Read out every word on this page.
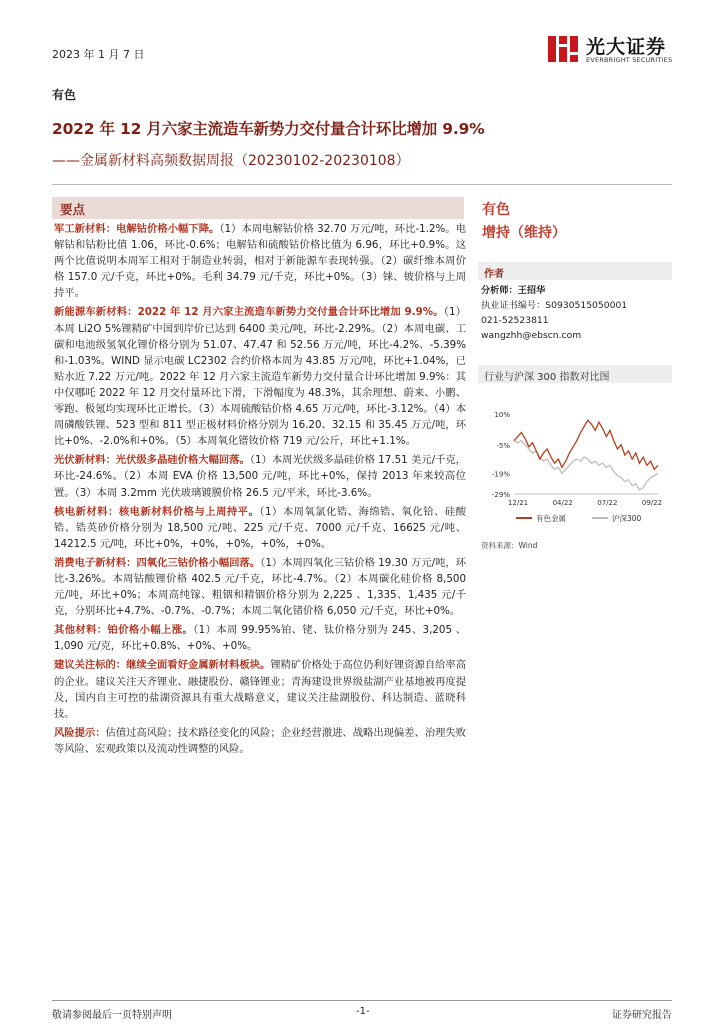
2023 年 1 月 7 日	光大证券
EVERBRIGHT SECURITIES
有色
2022 年 12 月六家主流造车新势力交付量合计环比增加 9.9%
——金属新材料高频数据周报（20230102-20230108）
要点

军工新材料：电解钴价格小幅下降。（1）本周电解钴价格 32.70 万元/吨，环比-1.2%。电解钴和钴粉比值 1.06，环比-0.6%；电解钴和硫酸钴价格比值为 6.96，环比+0.9%。这两个比值说明本周军工相对于制造业转弱，相对于新能源车表现转强。（2）碳纤维本周价格 157.0 元/千克，环比+0%。毛利 34.79 元/千克，环比+0%。（3）铼、铍价格与上周持平。

新能源车新材料：2022 年 12 月六家主流造车新势力交付量合计环比增加 9.9%。（1）本周 Li2O 5%锂精矿中国到岸价已达到 6400 美元/吨，环比-2.29%。（2）本周电碳、工碳和电池级氢氧化锂价格分别为 51.07、47.47 和 52.56 万元/吨，环比-4.2%、-5.39%和-1.03%。WIND 显示电碳 LC2302 合约价格本周为 43.85 万元/吨，环比+1.04%，已贴水近 7.22 万元/吨。2022 年 12 月六家主流造车新势力交付量合计环比增加 9.9%：其中仅哪吒 2022 年 12 月交付量环比下滑，下滑幅度为 48.3%，其余理想、蔚来、小鹏、零跑、极氪均实现环比正增长。（3）本周硫酸钴价格 4.65 万元/吨，环比-3.12%。（4）本周磷酸铁锂、523 型和 811 型正极材料价格分别为 16.20、32.15 和 35.45 万元/吨，环比+0%、-2.0%和+0%。（5）本周氧化镨钕价格 719 元/公斤，环比+1.1%。

光伏新材料：光伏级多晶硅价格大幅回落。（1）本周光伏级多晶硅价格 17.51 美元/千克，环比-24.6%。（2）本周 EVA 价格 13,500 元/吨，环比+0%，保持 2013 年来较高位置。（3）本周 3.2mm 光伏玻璃镀膜价格 26.5 元/平米，环比-3.6%。

核电新材料：核电新材料价格与上周持平。（1）本周氧氯化锆、海绵锆、氧化铪、硅酸锆、锆英砂价格分别为 18,500 元/吨、225 元/千克、7000 元/千克、16625 元/吨、14212.5 元/吨，环比+0%，+0%，+0%，+0%，+0%。

消费电子新材料：四氧化三钴价格小幅回落。（1）本周四氧化三钴价格 19.30 万元/吨，环比-3.26%。本周钴酸锂价格 402.5 元/千克，环比-4.7%。（2）本周碳化硅价格 8,500 元/吨，环比+0%；本周高纯镓、粗铟和精铟价格分别为 2,225 、1,335、1,435 元/千克，分别环比+4.7%、-0.7%、-0.7%；本周二氧化锗价格 6,050 元/千克，环比+0%。

其他材料：铂价格小幅上涨。（1）本周 99.95%铂、铑、钛价格分别为 245、3,205 、1,090 元/克，环比+0.8%、+0%、+0%。

建议关注标的：继续全面看好金属新材料板块。锂精矿价格处于高位仍利好锂资源自给率高的企业。建议关注天齐锂业、融捷股份、赣锋锂业；青海建设世界级盐湖产业基地被再度提及，国内自主可控的盐湖资源具有重大战略意义，建议关注盐湖股份、科达制造、蓝晓科技。

风险提示：估值过高风险；技术路径变化的风险；企业经营激进、战略出现偏差、治理失败等风险、宏观政策以及流动性调整的风险。

有色
增持（维持）
作者
分析师：王招华
执业证书编号：S0930515050001
021-52523811
wangzhh@ebscn.com
行业与沪深 300 指数对比图
10%
-5%
-19%
-29%
12/21	04/22	07/22	09/22
有色金属	沪深300
资料来源：Wind
敬请参阅最后一页特别声明	-1-	证券研究报告
